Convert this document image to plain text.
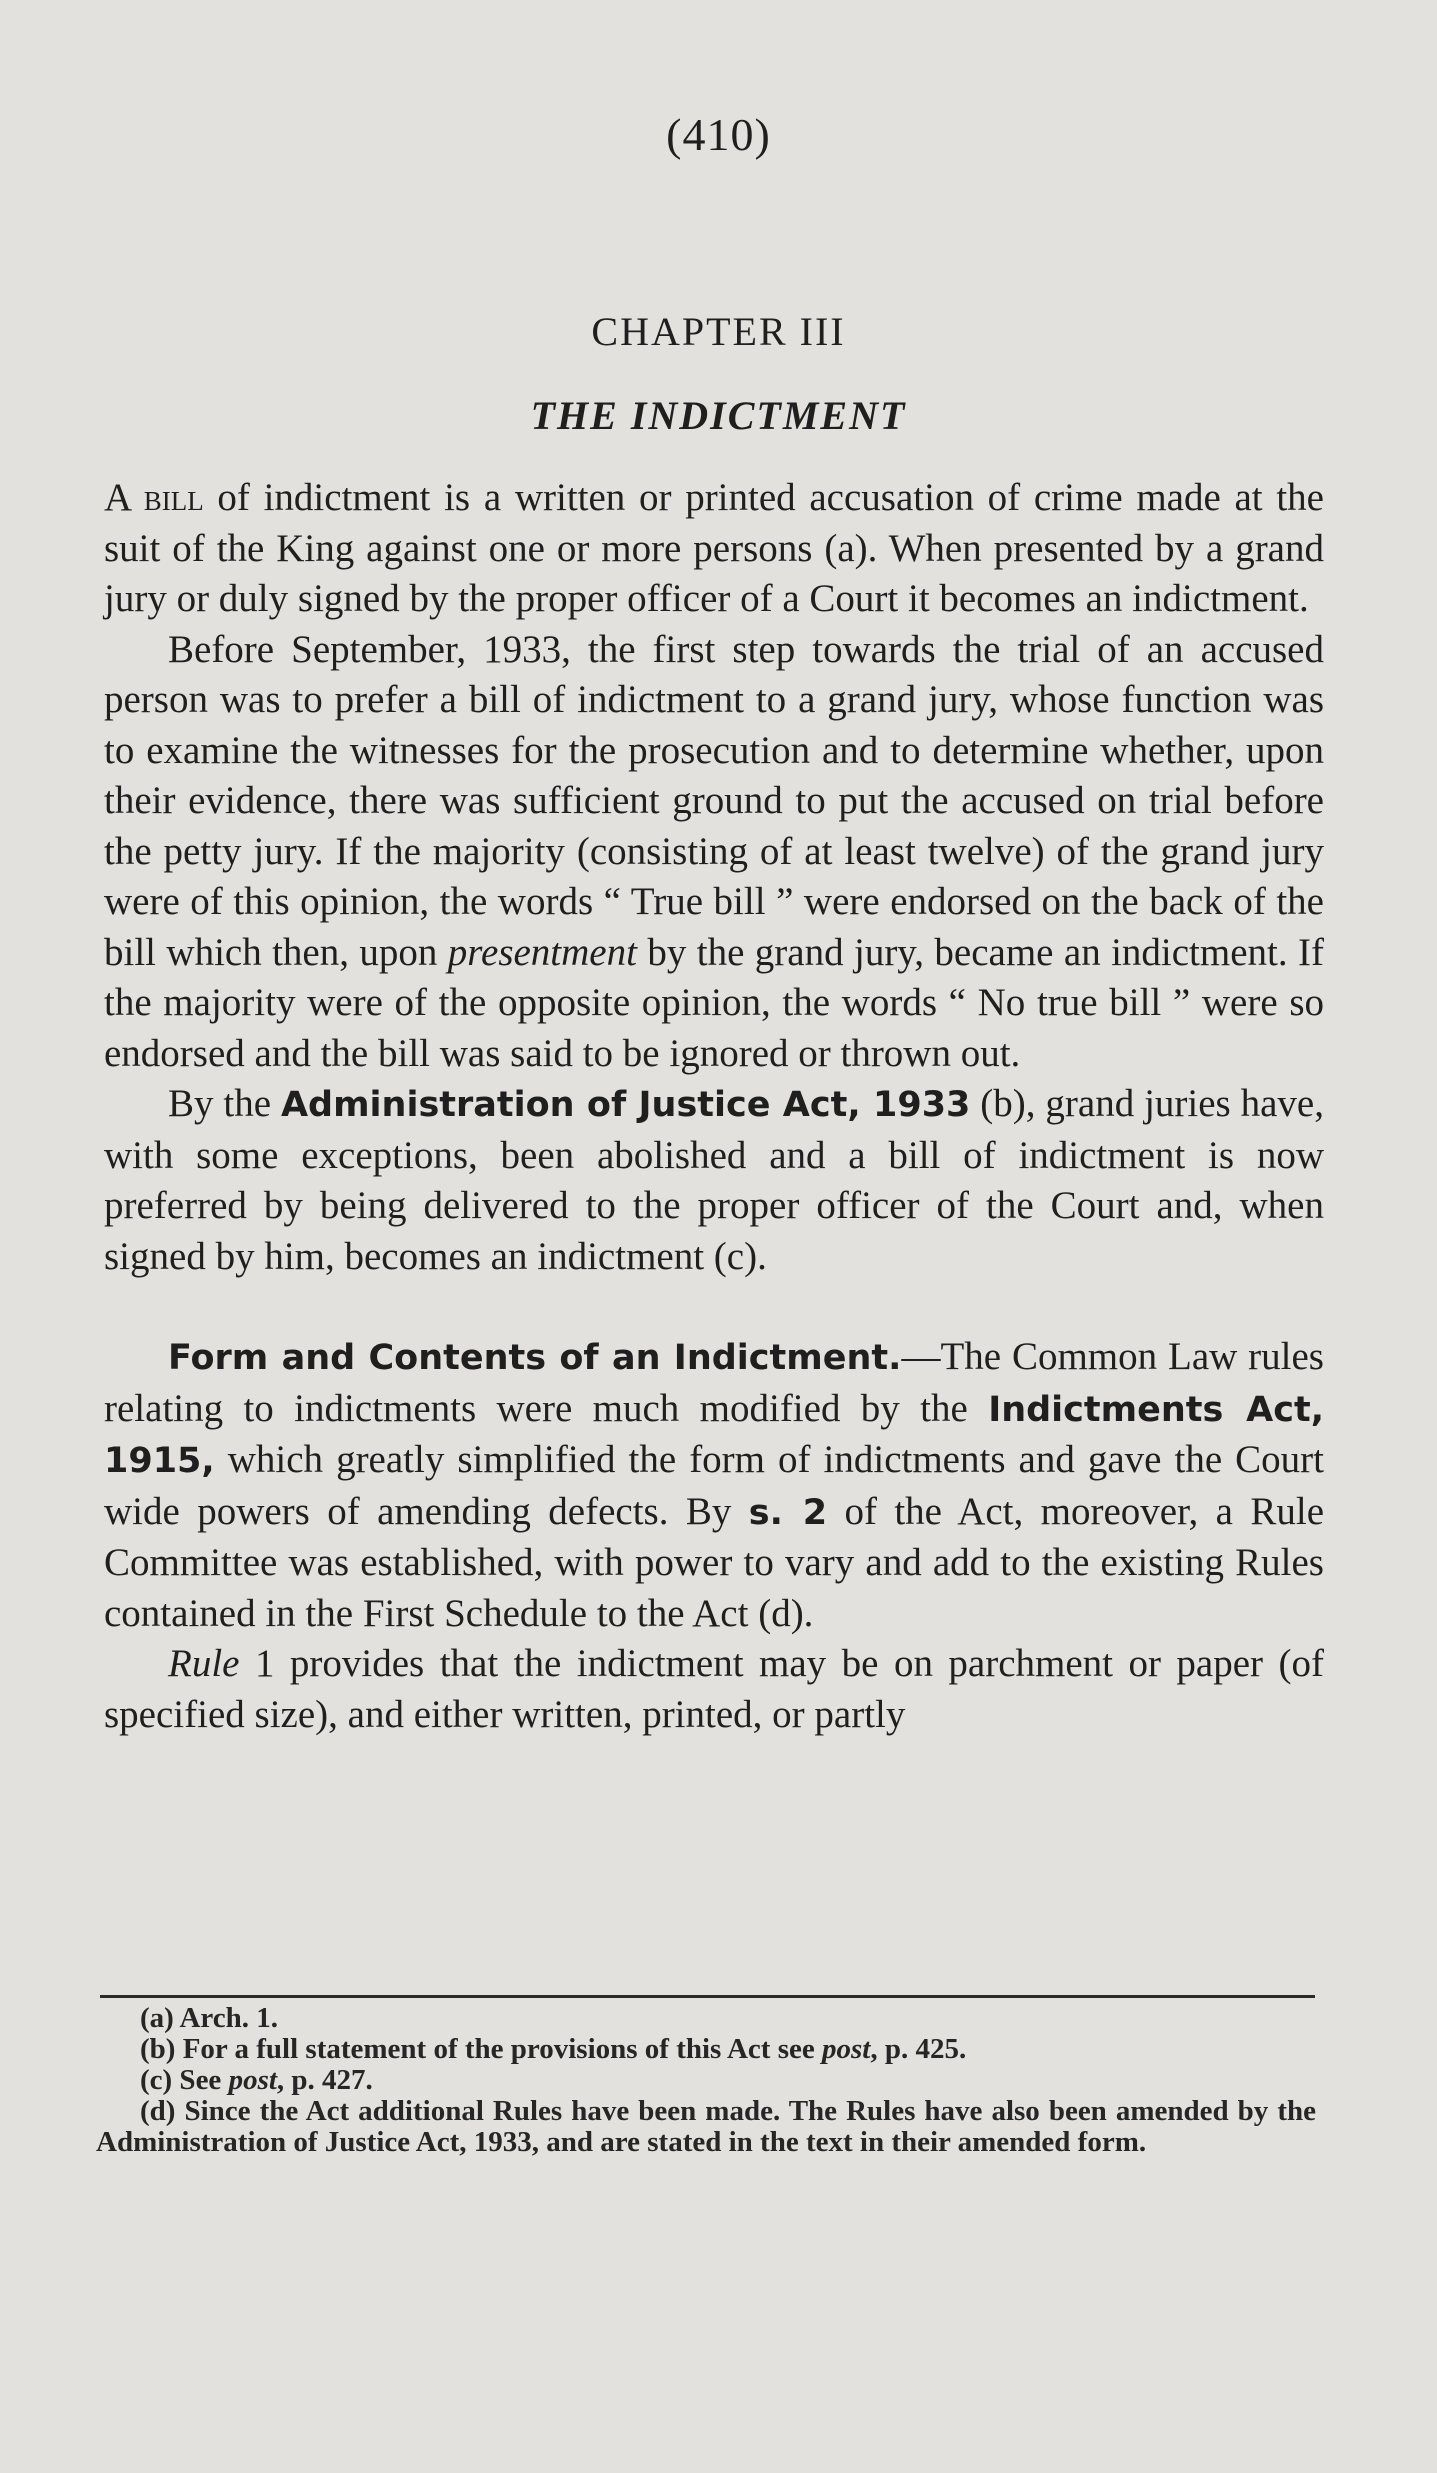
(410)
CHAPTER III
THE INDICTMENT

A bill of indictment is a written or printed accusation of crime made at the suit of the King against one or more persons (a). When presented by a grand jury or duly signed by the proper officer of a Court it becomes an indictment.

Before September, 1933, the first step towards the trial of an accused person was to prefer a bill of indictment to a grand jury, whose function was to examine the witnesses for the prosecution and to determine whether, upon their evidence, there was sufficient ground to put the accused on trial before the petty jury. If the majority (consisting of at least twelve) of the grand jury were of this opinion, the words “ True bill ” were endorsed on the back of the bill which then, upon presentment by the grand jury, became an indictment. If the majority were of the opposite opinion, the words “ No true bill ” were so endorsed and the bill was said to be ignored or thrown out.

By the Administration of Justice Act, 1933 (b), grand juries have, with some exceptions, been abolished and a bill of indictment is now preferred by being delivered to the proper officer of the Court and, when signed by him, becomes an indictment (c).

Form and Contents of an Indictment.—The Common Law rules relating to indictments were much modified by the Indictments Act, 1915, which greatly simplified the form of indictments and gave the Court wide powers of amending defects. By s. 2 of the Act, moreover, a Rule Committee was established, with power to vary and add to the existing Rules contained in the First Schedule to the Act (d).

Rule 1 provides that the indictment may be on parchment or paper (of specified size), and either written, printed, or partly

(a) Arch. 1.

(b) For a full statement of the provisions of this Act see post, p. 425.

(c) See post, p. 427.

(d) Since the Act additional Rules have been made. The Rules have also been amended by the Administration of Justice Act, 1933, and are stated in the text in their amended form.
